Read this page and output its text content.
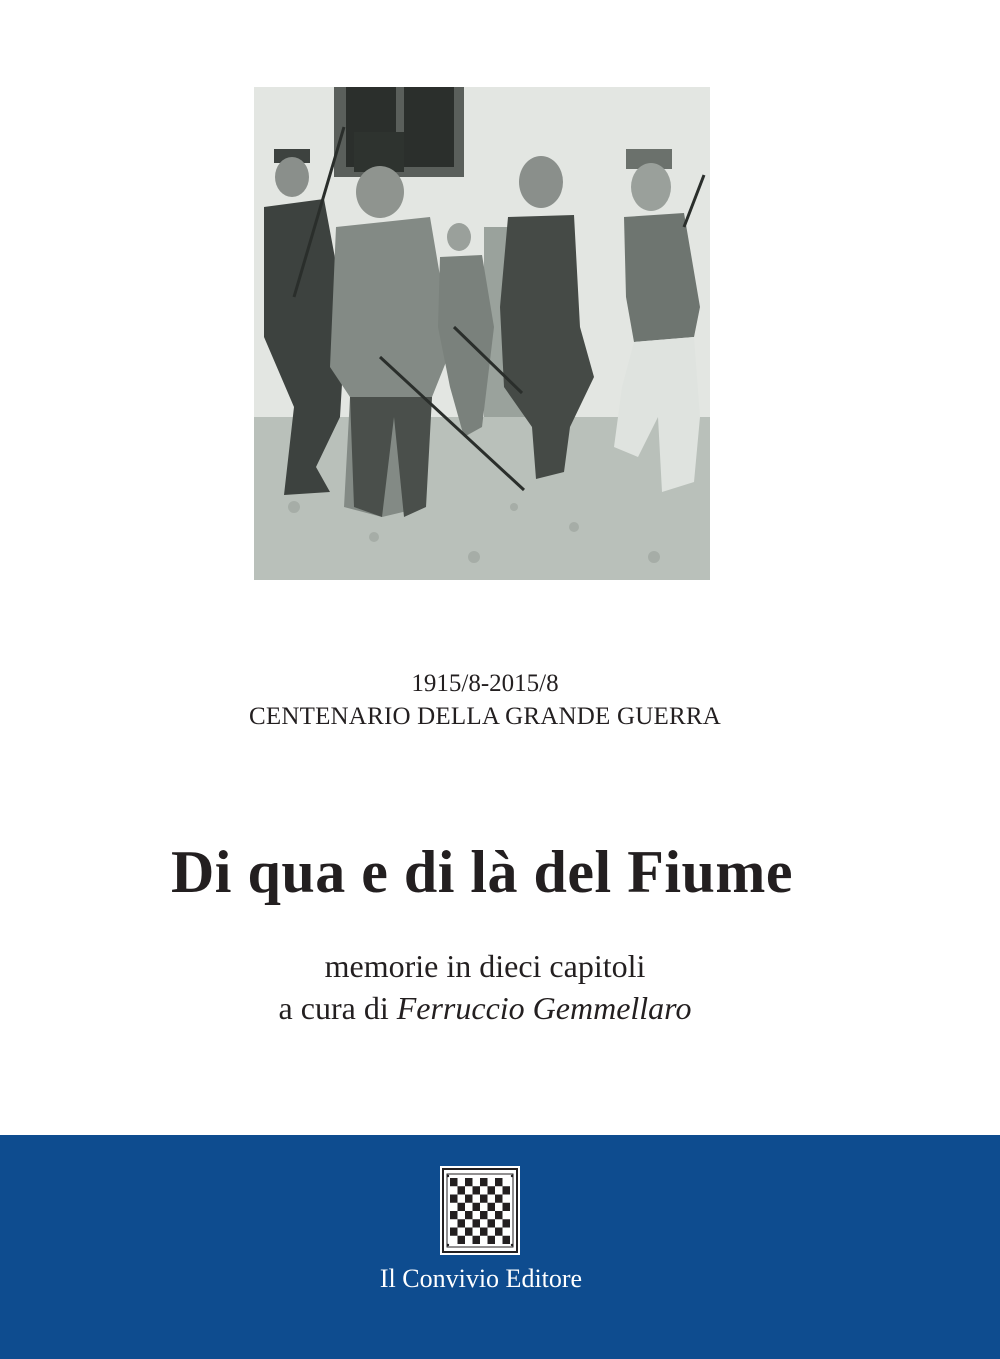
1915/8-2015/8
CENTENARIO DELLA GRANDE GUERRA
Di qua e di là del Fiume
memorie in dieci capitoli
a cura di Ferruccio Gemmellaro
Il Convivio Editore
